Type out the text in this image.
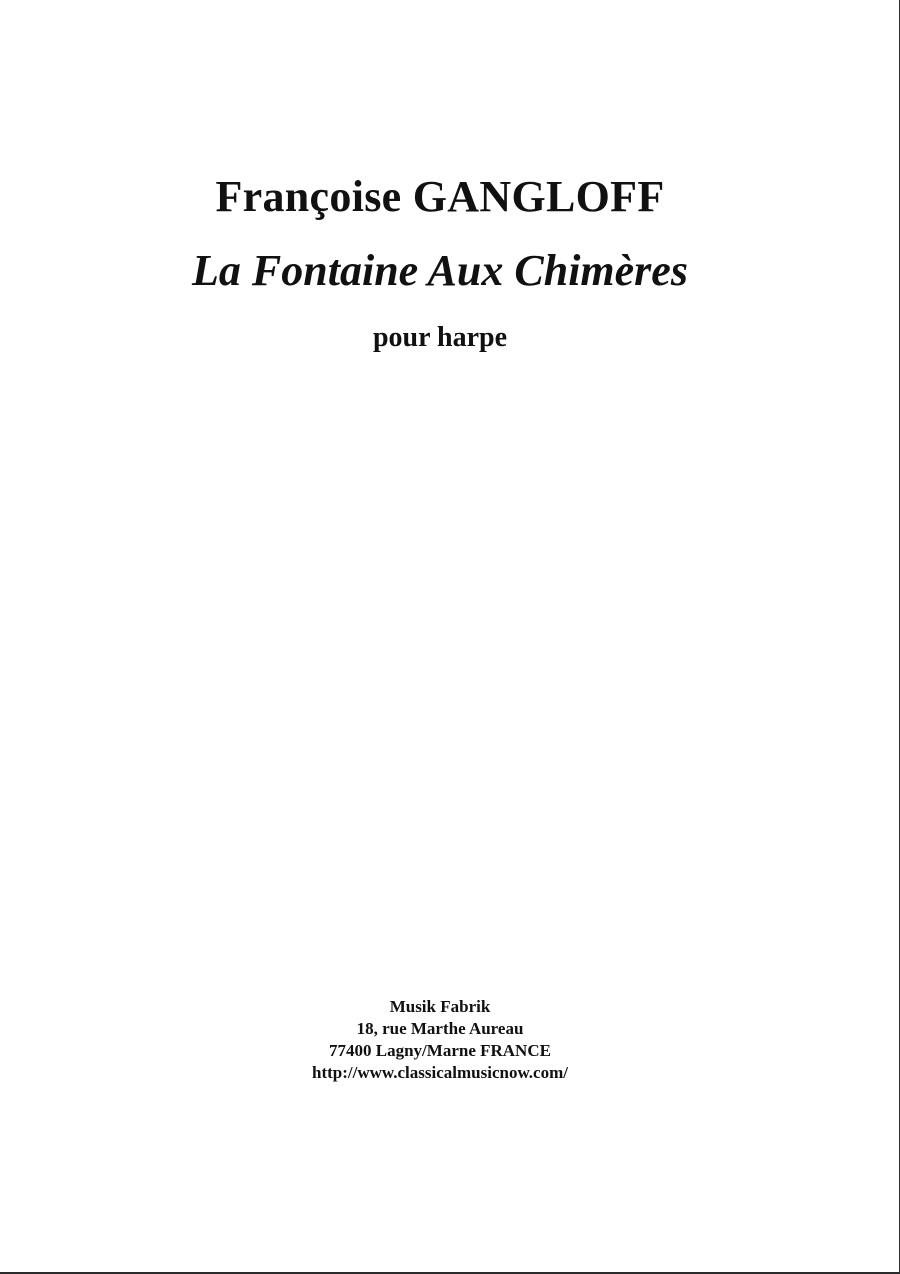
Françoise GANGLOFF
La Fontaine Aux Chimères
pour harpe
Musik Fabrik
18, rue Marthe Aureau
77400 Lagny/Marne FRANCE
http://www.classicalmusicnow.com/
